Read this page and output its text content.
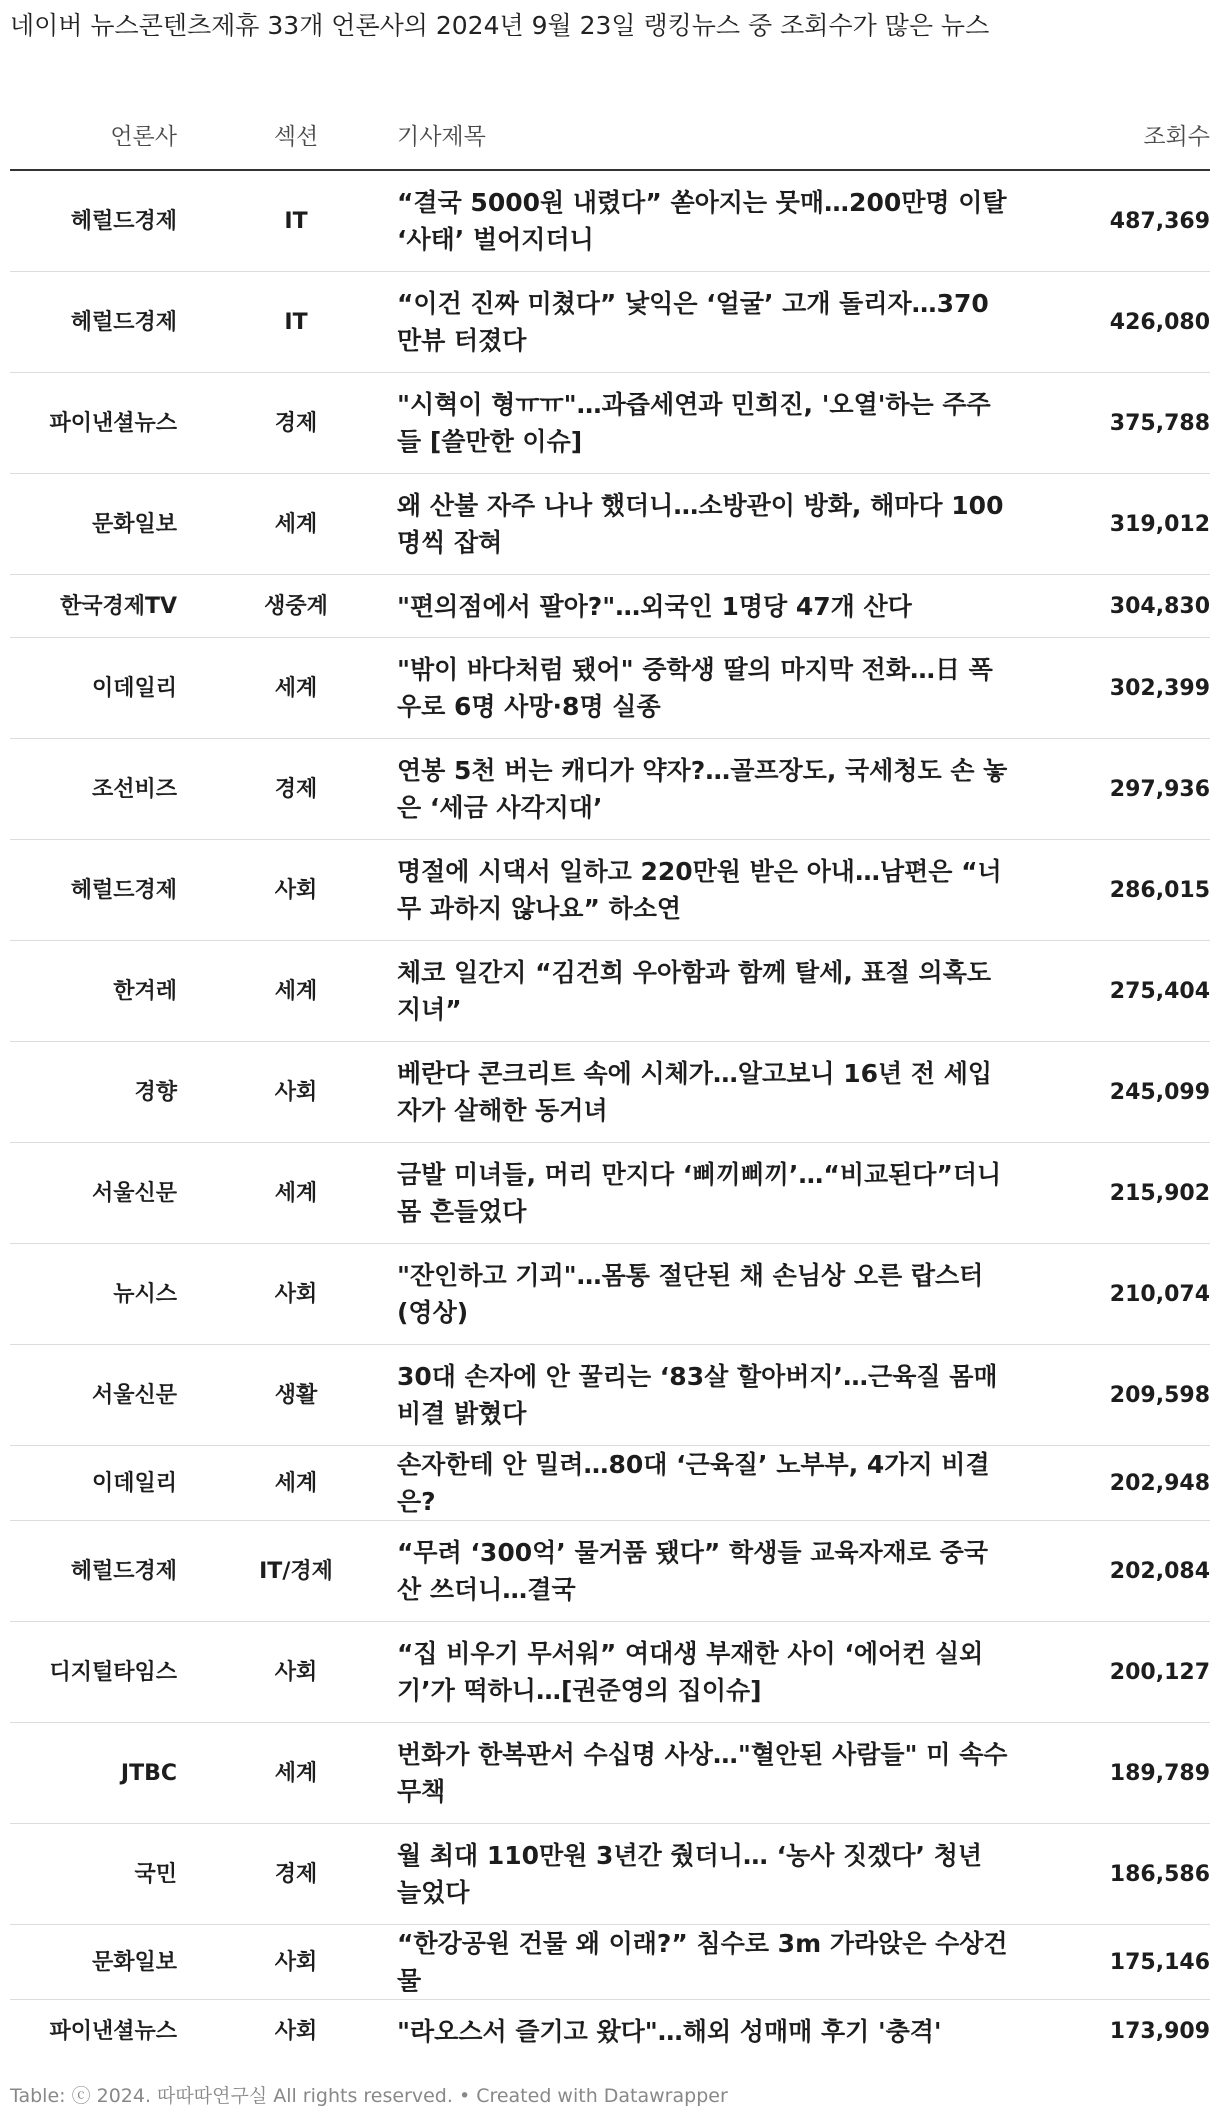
네이버 뉴스콘텐츠제휴 33개 언론사의 2024년 9월 23일 랭킹뉴스 중 조회수가 많은 뉴스
언론사	섹션	기사제목	조회수
헤럴드경제	IT	“결국 5000원 내렸다” 쏟아지는 뭇매…200만명 이탈 ‘사태’ 벌어지더니	487,369
헤럴드경제	IT	“이건 진짜 미쳤다” 낯익은 ‘얼굴’ 고개 돌리자…370만뷰 터졌다	426,080
파이낸셜뉴스	경제	"시혁이 형ㅠㅠ"…과즙세연과 민희진, '오열'하는 주주들 [쓸만한 이슈]	375,788
문화일보	세계	왜 산불 자주 나나 했더니…소방관이 방화, 해마다 100명씩 잡혀	319,012
한국경제TV	생중계	"편의점에서 팔아?"…외국인 1명당 47개 산다	304,830
이데일리	세계	"밖이 바다처럼 됐어" 중학생 딸의 마지막 전화…日 폭우로 6명 사망·8명 실종	302,399
조선비즈	경제	연봉 5천 버는 캐디가 약자?…골프장도, 국세청도 손 놓은 ‘세금 사각지대’	297,936
헤럴드경제	사회	명절에 시댁서 일하고 220만원 받은 아내…남편은 “너무 과하지 않나요” 하소연	286,015
한겨레	세계	체코 일간지 “김건희 우아함과 함께 탈세, 표절 의혹도 지녀”	275,404
경향	사회	베란다 콘크리트 속에 시체가…알고보니 16년 전 세입자가 살해한 동거녀	245,099
서울신문	세계	금발 미녀들, 머리 만지다 ‘삐끼삐끼’…“비교된다”더니 몸 흔들었다	215,902
뉴시스	사회	"잔인하고 기괴"…몸통 절단된 채 손님상 오른 랍스터(영상)	210,074
서울신문	생활	30대 손자에 안 꿀리는 ‘83살 할아버지’…근육질 몸매 비결 밝혔다	209,598
이데일리	세계	손자한테 안 밀려…80대 ‘근육질’ 노부부, 4가지 비결은?	202,948
헤럴드경제	IT/경제	“무려 ‘300억’ 물거품 됐다” 학생들 교육자재로 중국산 쓰더니…결국	202,084
디지털타임스	사회	“집 비우기 무서워” 여대생 부재한 사이 ‘에어컨 실외기’가 떡하니…[권준영의 집이슈]	200,127
JTBC	세계	번화가 한복판서 수십명 사상…"혈안된 사람들" 미 속수무책	189,789
국민	경제	월 최대 110만원 3년간 줬더니… ‘농사 짓겠다’ 청년 늘었다	186,586
문화일보	사회	“한강공원 건물 왜 이래?” 침수로 3m 가라앉은 수상건물	175,146
파이낸셜뉴스	사회	"라오스서 즐기고 왔다"…해외 성매매 후기 '충격'	173,909
Table: ⓒ 2024. 따따따연구실 All rights reserved. • Created with Datawrapper
